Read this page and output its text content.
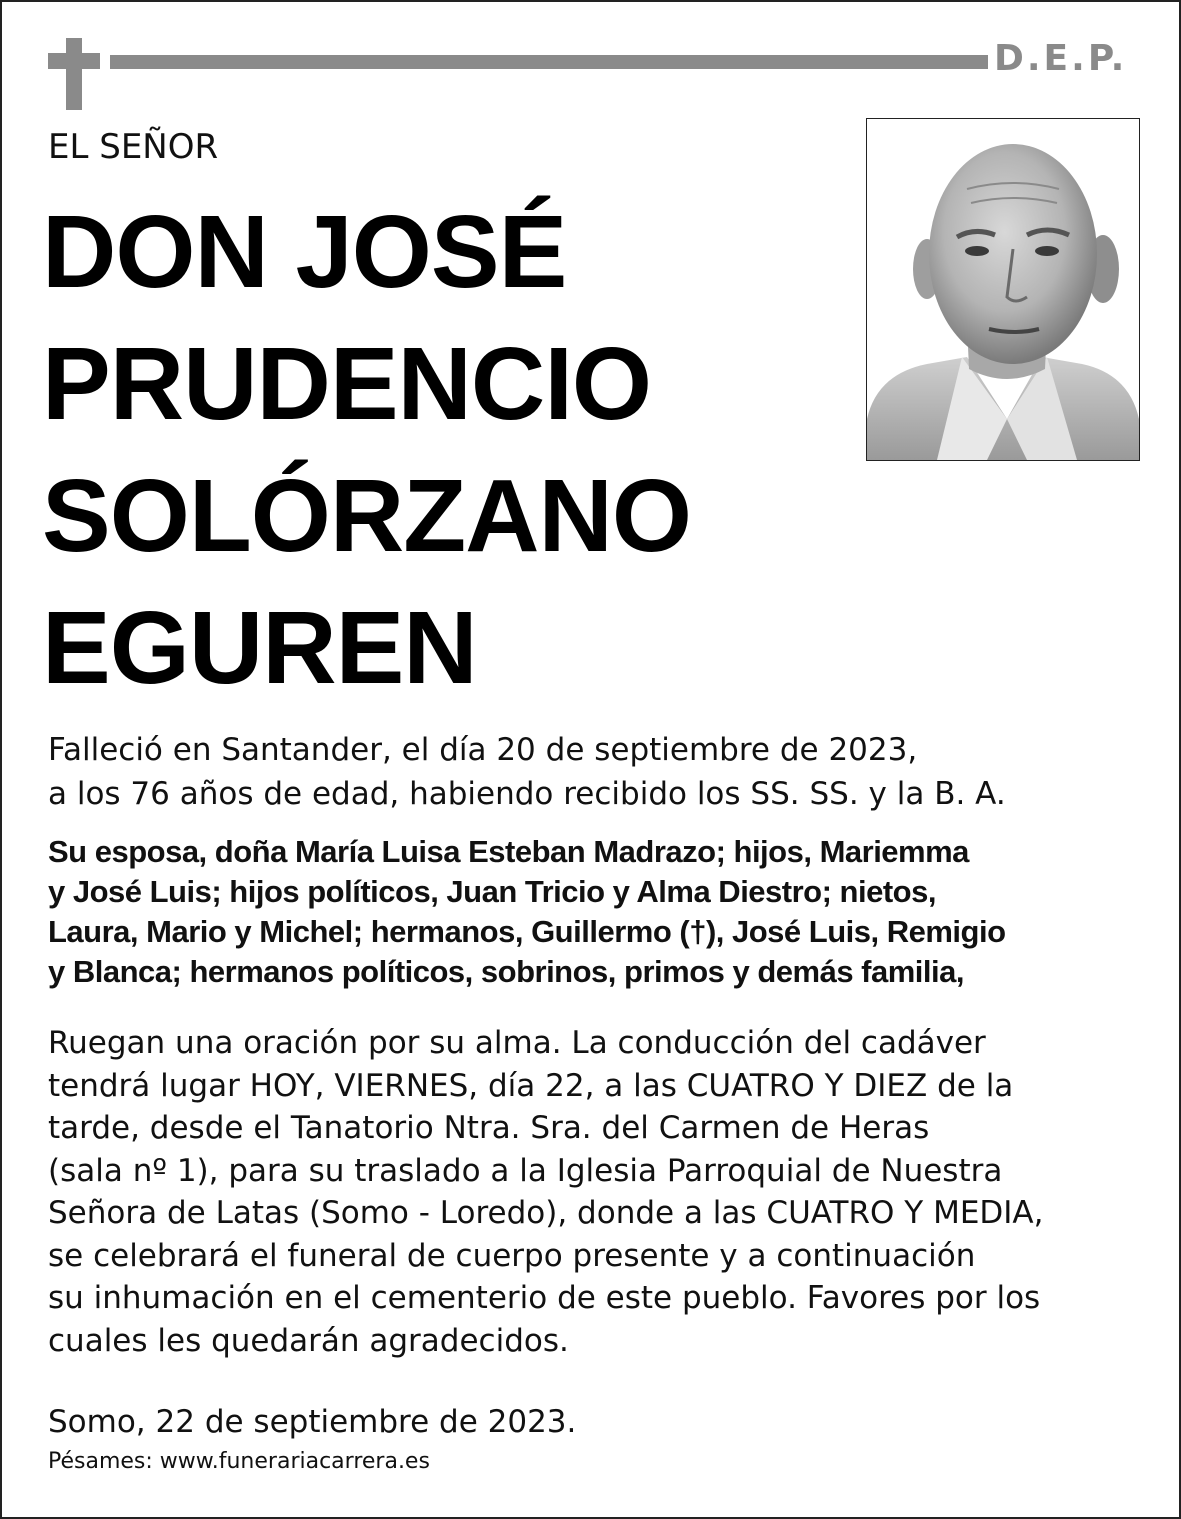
D.E.P.
EL SEÑOR
DON JOSÉ
PRUDENCIO
SOLÓRZANO
EGUREN
Falleció en Santander, el día 20 de septiembre de 2023,
a los 76 años de edad, habiendo recibido los SS. SS. y la B. A.
Su esposa, doña María Luisa Esteban Madrazo; hijos, Mariemma
y José Luis; hijos políticos, Juan Tricio y Alma Diestro; nietos,
Laura, Mario y Michel; hermanos, Guillermo (†), José Luis, Remigio
y Blanca; hermanos políticos, sobrinos, primos y demás familia,
Ruegan una oración por su alma. La conducción del cadáver
tendrá lugar HOY, VIERNES, día 22, a las CUATRO Y DIEZ de la
tarde, desde el Tanatorio Ntra. Sra. del Carmen de Heras
(sala nº 1), para su traslado a la Iglesia Parroquial de Nuestra
Señora de Latas (Somo - Loredo), donde a las CUATRO Y MEDIA,
se celebrará el funeral de cuerpo presente y a continuación
su inhumación en el cementerio de este pueblo. Favores por los
cuales les quedarán agradecidos.
Somo, 22 de septiembre de 2023.
Pésames: www.funerariacarrera.es
